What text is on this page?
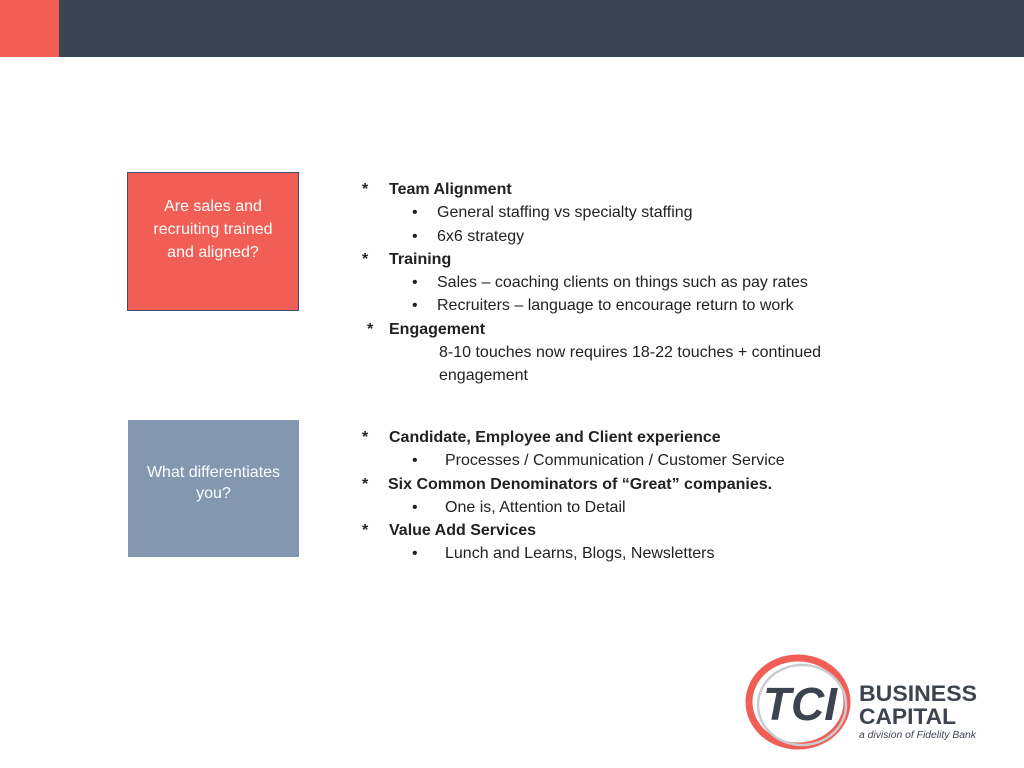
Are sales and recruiting trained and aligned?
What differentiates you?
* Team Alignment
• General staffing vs specialty staffing
• 6x6 strategy
* Training
• Sales – coaching clients on things such as pay rates
• Recruiters – language to encourage return to work
* Engagement
8-10 touches now requires 18-22 touches + continued engagement
* Candidate, Employee and Client experience
• Processes / Communication / Customer Service
* Six Common Denominators of “Great” companies.
• One is, Attention to Detail
* Value Add Services
• Lunch and Learns, Blogs, Newsletters
TCI BUSINESS
CAPITAL
a division of Fidelity Bank
